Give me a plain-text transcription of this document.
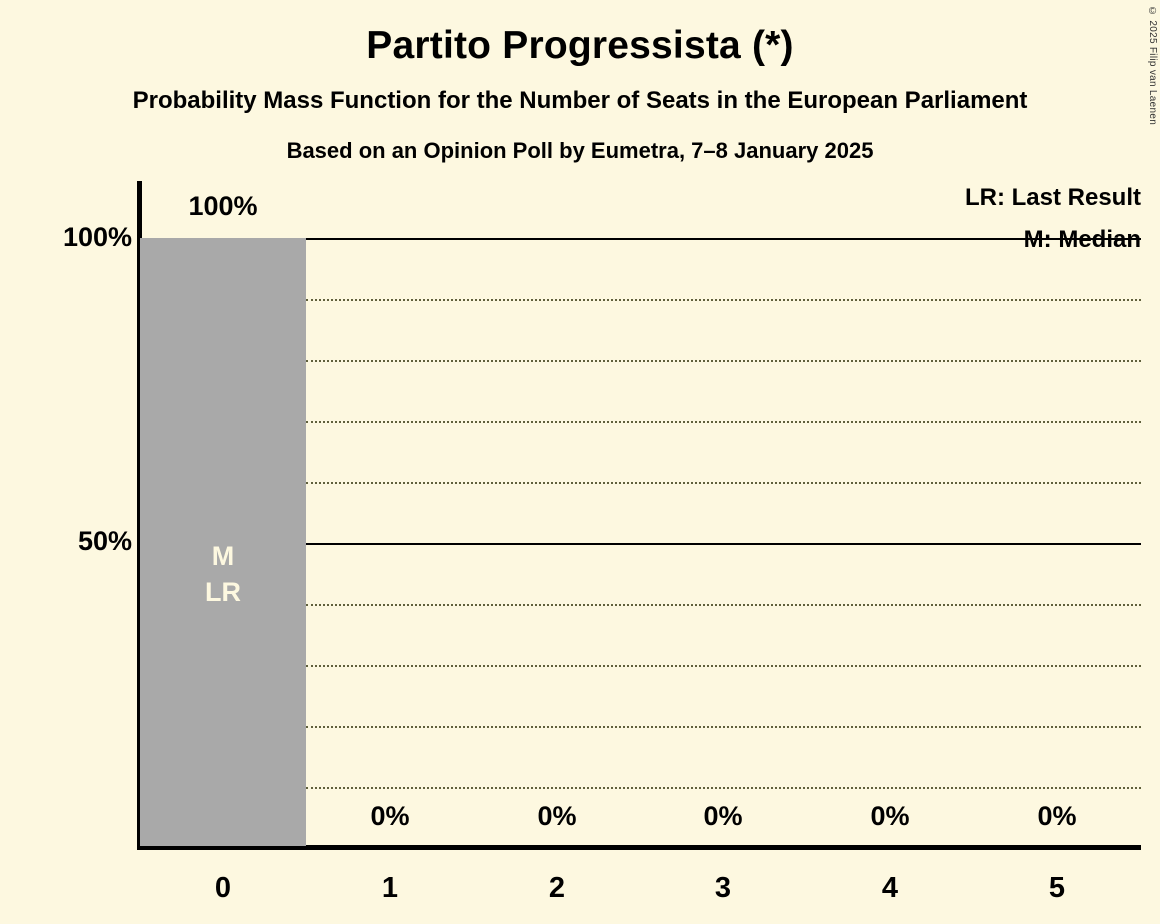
Partito Progressista (*)
Probability Mass Function for the Number of Seats in the European Parliament
Based on an Opinion Poll by Eumetra, 7–8 January 2025
© 2025 Filip van Laenen
LR: Last Result
M: Median
100%
50%	M
LR
100%
0%	0%	0%	0%	0%
0	1	2	3	4	5
